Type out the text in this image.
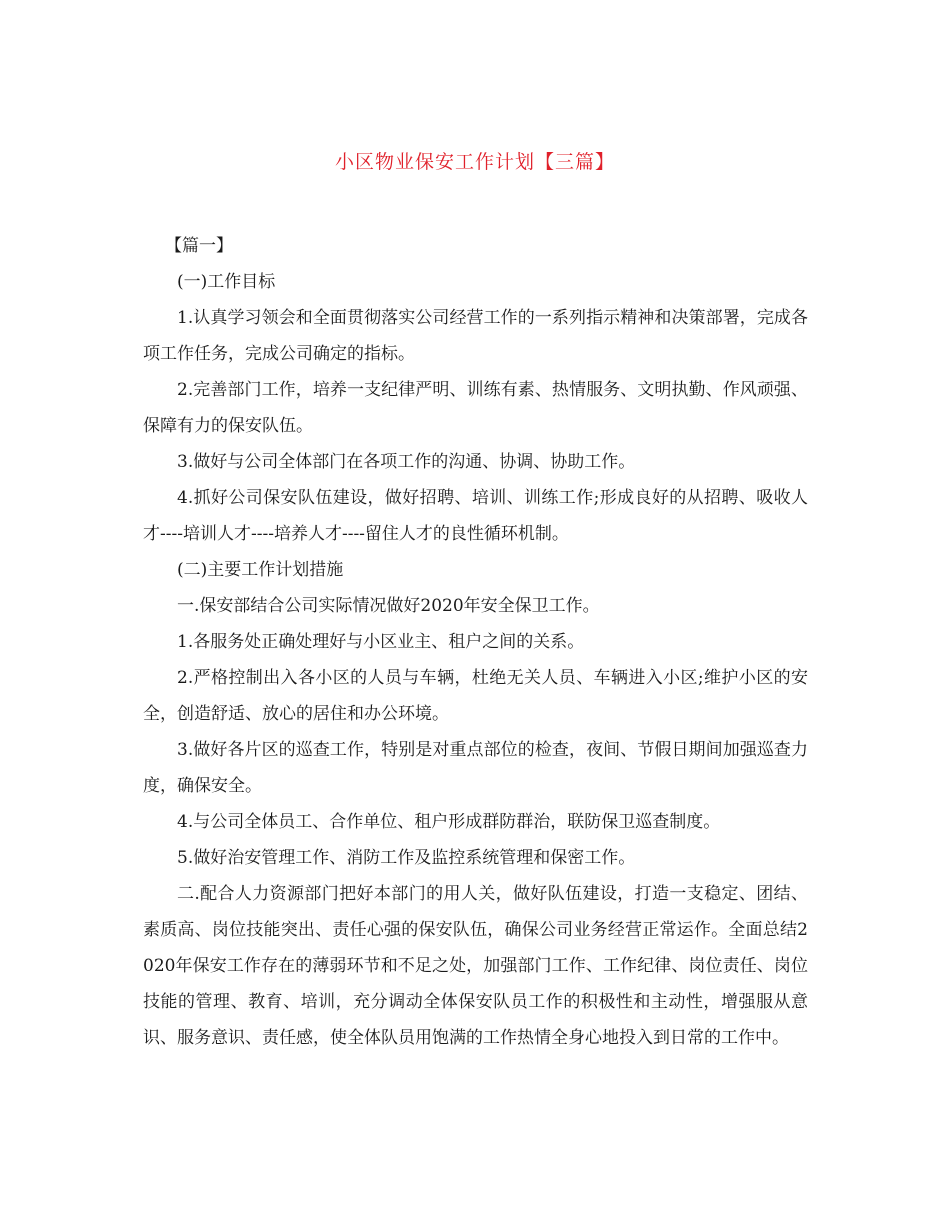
小区物业保安工作计划【三篇】

【篇一】

(一)工作目标

1.认真学习领会和全面贯彻落实公司经营工作的一系列指示精神和决策部署，完成各项工作任务，完成公司确定的指标。

2.完善部门工作，培养一支纪律严明、训练有素、热情服务、文明执勤、作风顽强、保障有力的保安队伍。

3.做好与公司全体部门在各项工作的沟通、协调、协助工作。

4.抓好公司保安队伍建设，做好招聘、培训、训练工作;形成良好的从招聘、吸收人才----培训人才----培养人才----留住人才的良性循环机制。

(二)主要工作计划措施

一.保安部结合公司实际情况做好2020年安全保卫工作。

1.各服务处正确处理好与小区业主、租户之间的关系。

2.严格控制出入各小区的人员与车辆，杜绝无关人员、车辆进入小区;维护小区的安全，创造舒适、放心的居住和办公环境。

3.做好各片区的巡查工作，特别是对重点部位的检查，夜间、节假日期间加强巡查力度，确保安全。

4.与公司全体员工、合作单位、租户形成群防群治，联防保卫巡查制度。

5.做好治安管理工作、消防工作及监控系统管理和保密工作。

二.配合人力资源部门把好本部门的用人关，做好队伍建设，打造一支稳定、团结、素质高、岗位技能突出、责任心强的保安队伍，确保公司业务经营正常运作。全面总结2020年保安工作存在的薄弱环节和不足之处，加强部门工作、工作纪律、岗位责任、岗位技能的管理、教育、培训，充分调动全体保安队员工作的积极性和主动性，增强服从意识、服务意识、责任感，使全体队员用饱满的工作热情全身心地投入到日常的工作中。
